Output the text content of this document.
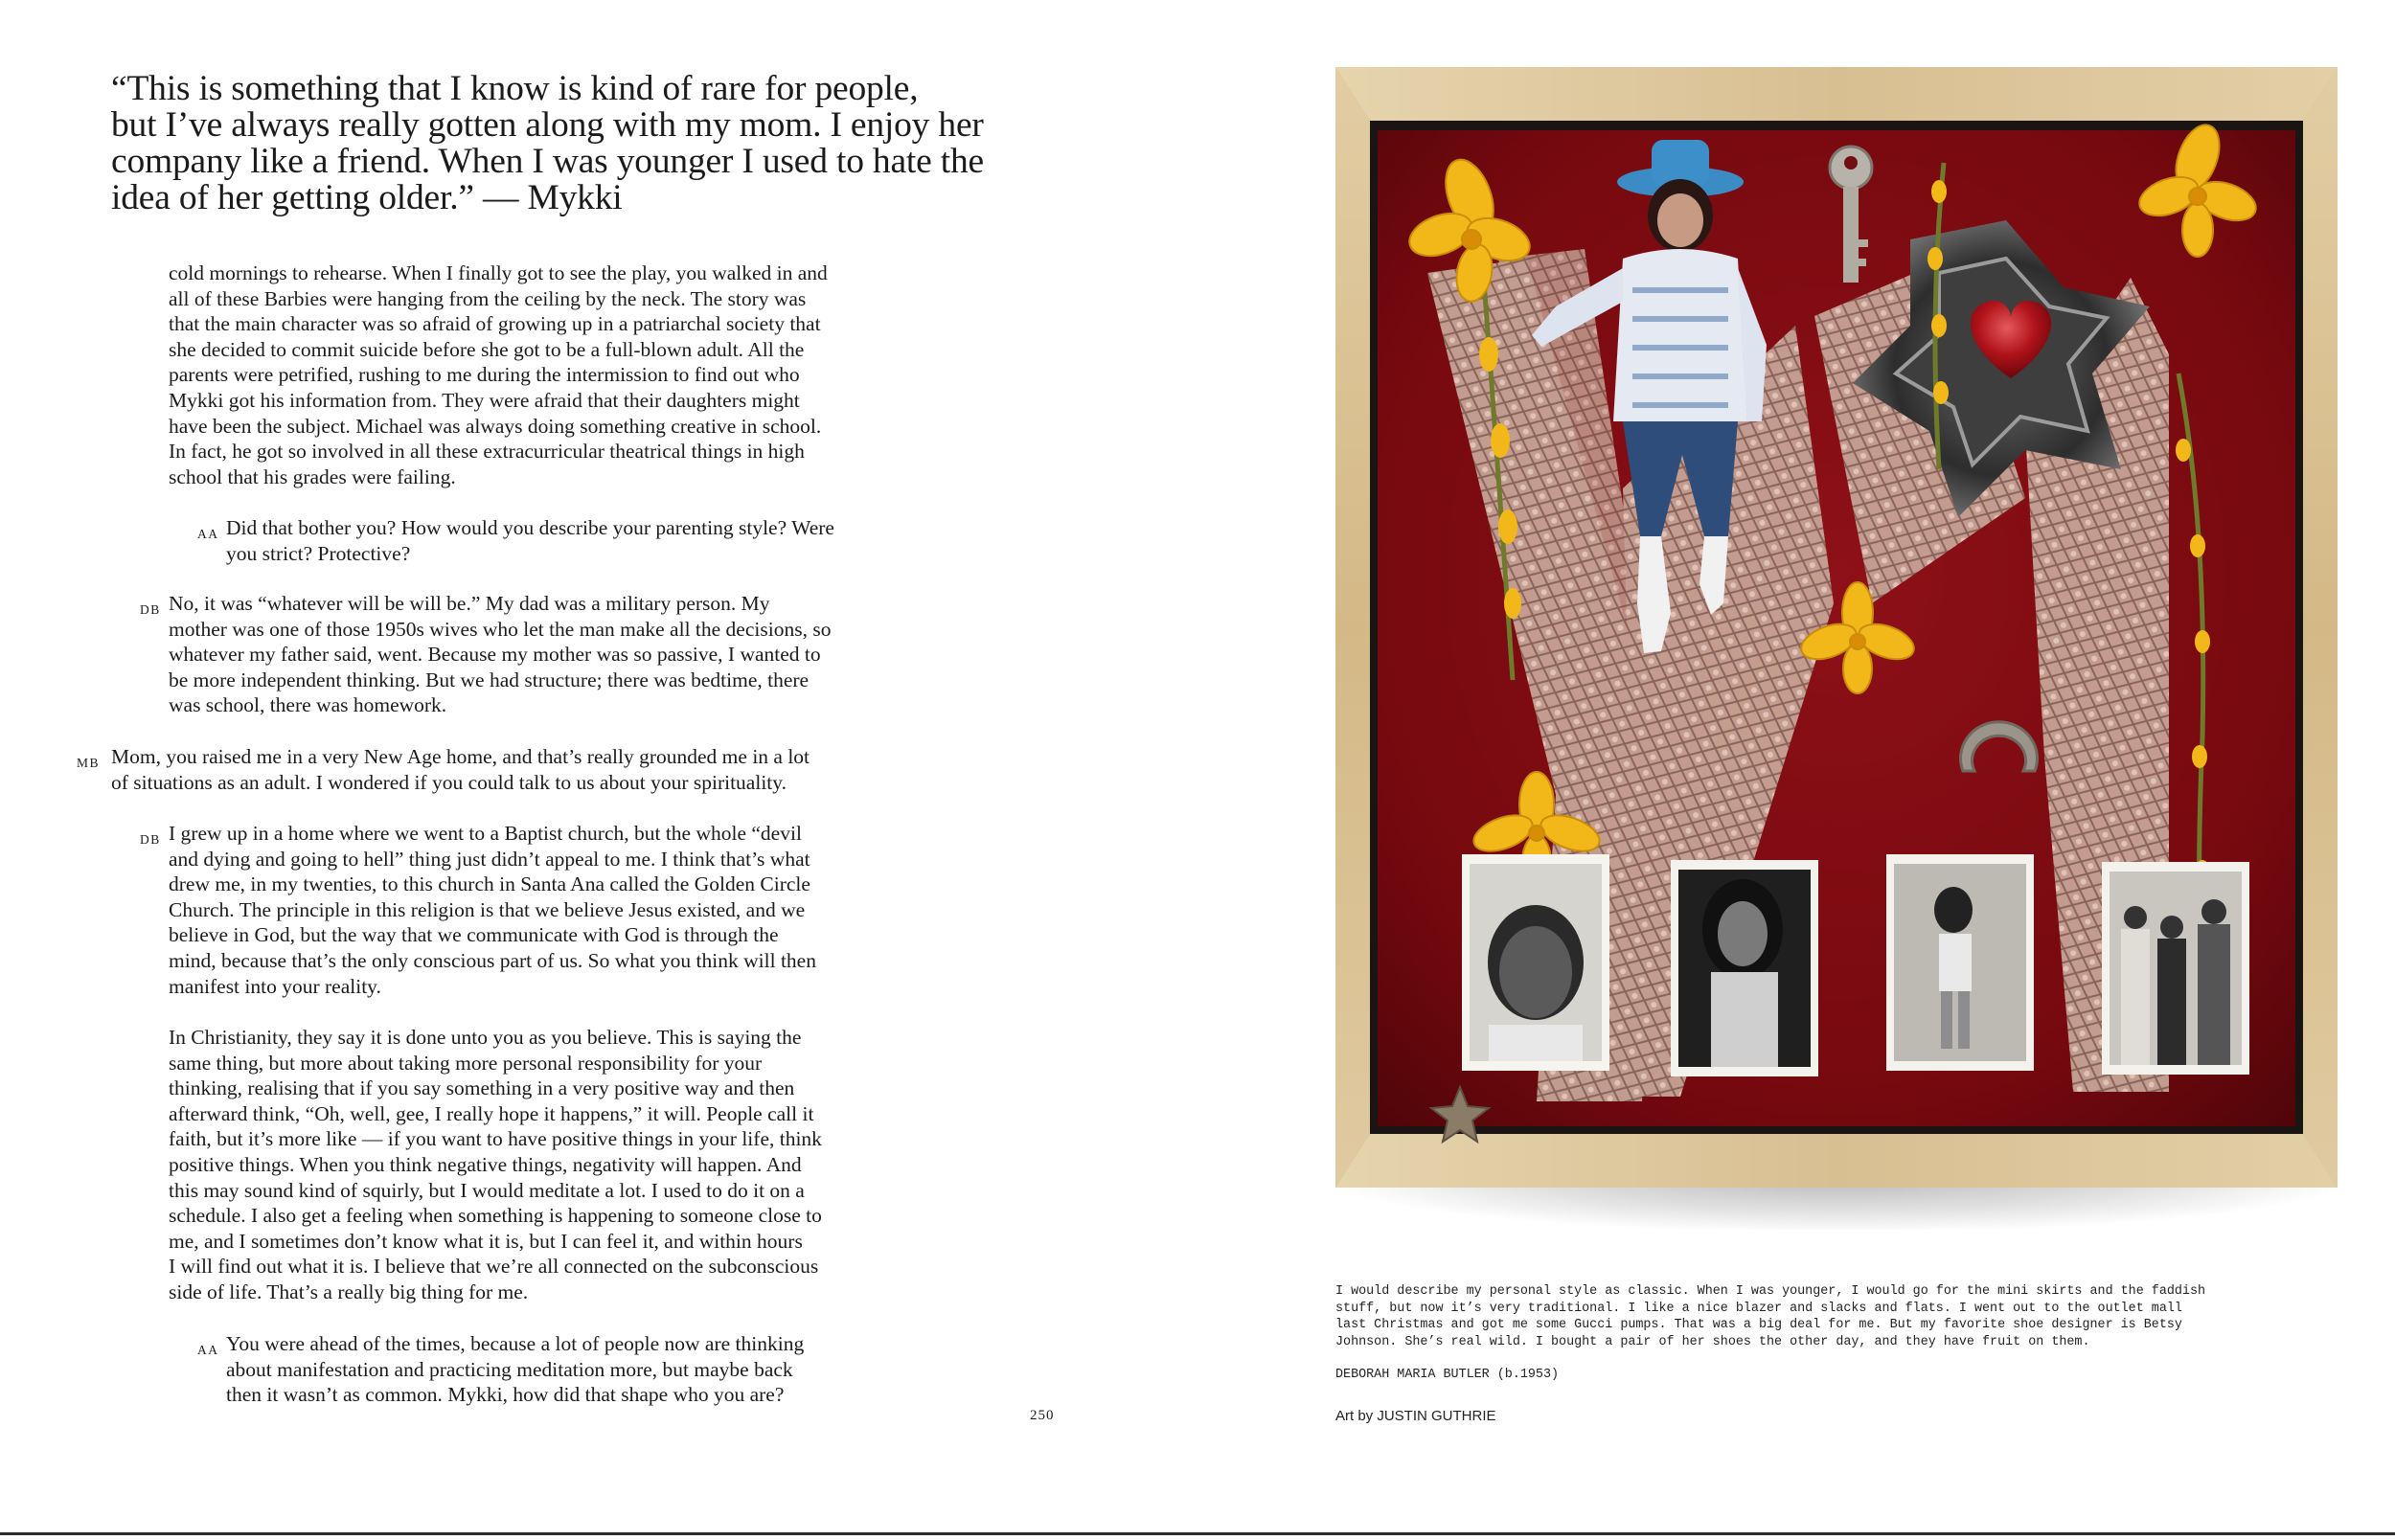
“This is something that I know is kind of rare for people,
but I’ve always really gotten along with my mom. I enjoy her
company like a friend. When I was younger I used to hate the
idea of her getting older.” — Mykki

cold mornings to rehearse. When I finally got to see the play, you walked in and

all of these Barbies were hanging from the ceiling by the neck. The story was

that the main character was so afraid of growing up in a patriarchal society that

she decided to commit suicide before she got to be a full-blown adult. All the

parents were petrified, rushing to me during the intermission to find out who

Mykki got his information from. They were afraid that their daughters might

have been the subject. Michael was always doing something creative in school.

In fact, he got so involved in all these extracurricular theatrical things in high

school that his grades were failing.

AA Did that bother you? How would you describe your parenting style? Were

you strict? Protective?

DB No, it was “whatever will be will be.” My dad was a military person. My

mother was one of those 1950s wives who let the man make all the decisions, so

whatever my father said, went. Because my mother was so passive, I wanted to

be more independent thinking. But we had structure; there was bedtime, there

was school, there was homework.

MB Mom, you raised me in a very New Age home, and that’s really grounded me in a lot

of situations as an adult. I wondered if you could talk to us about your spirituality.

DB I grew up in a home where we went to a Baptist church, but the whole “devil

and dying and going to hell” thing just didn’t appeal to me. I think that’s what

drew me, in my twenties, to this church in Santa Ana called the Golden Circle

Church. The principle in this religion is that we believe Jesus existed, and we

believe in God, but the way that we communicate with God is through the

mind, because that’s the only conscious part of us. So what you think will then

manifest into your reality.

In Christianity, they say it is done unto you as you believe. This is saying the

same thing, but more about taking more personal responsibility for your

thinking, realising that if you say something in a very positive way and then

afterward think, “Oh, well, gee, I really hope it happens,” it will. People call it

faith, but it’s more like — if you want to have positive things in your life, think

positive things. When you think negative things, negativity will happen. And

this may sound kind of squirly, but I would meditate a lot. I used to do it on a

schedule. I also get a feeling when something is happening to someone close to

me, and I sometimes don’t know what it is, but I can feel it, and within hours

I will find out what it is. I believe that we’re all connected on the subconscious

side of life. That’s a really big thing for me.

AA You were ahead of the times, because a lot of people now are thinking

about manifestation and practicing meditation more, but maybe back

then it wasn’t as common. Mykki, how did that shape who you are?

250

I would describe my personal style as classic. When I was younger, I would go for the mini skirts and the faddish

stuff, but now it’s very traditional. I like a nice blazer and slacks and flats. I went out to the outlet mall

last Christmas and got me some Gucci pumps. That was a big deal for me. But my favorite shoe designer is Betsy

Johnson. She’s real wild. I bought a pair of her shoes the other day, and they have fruit on them.

DEBORAH MARIA BUTLER (b.1953)
Art by JUSTIN GUTHRIE
